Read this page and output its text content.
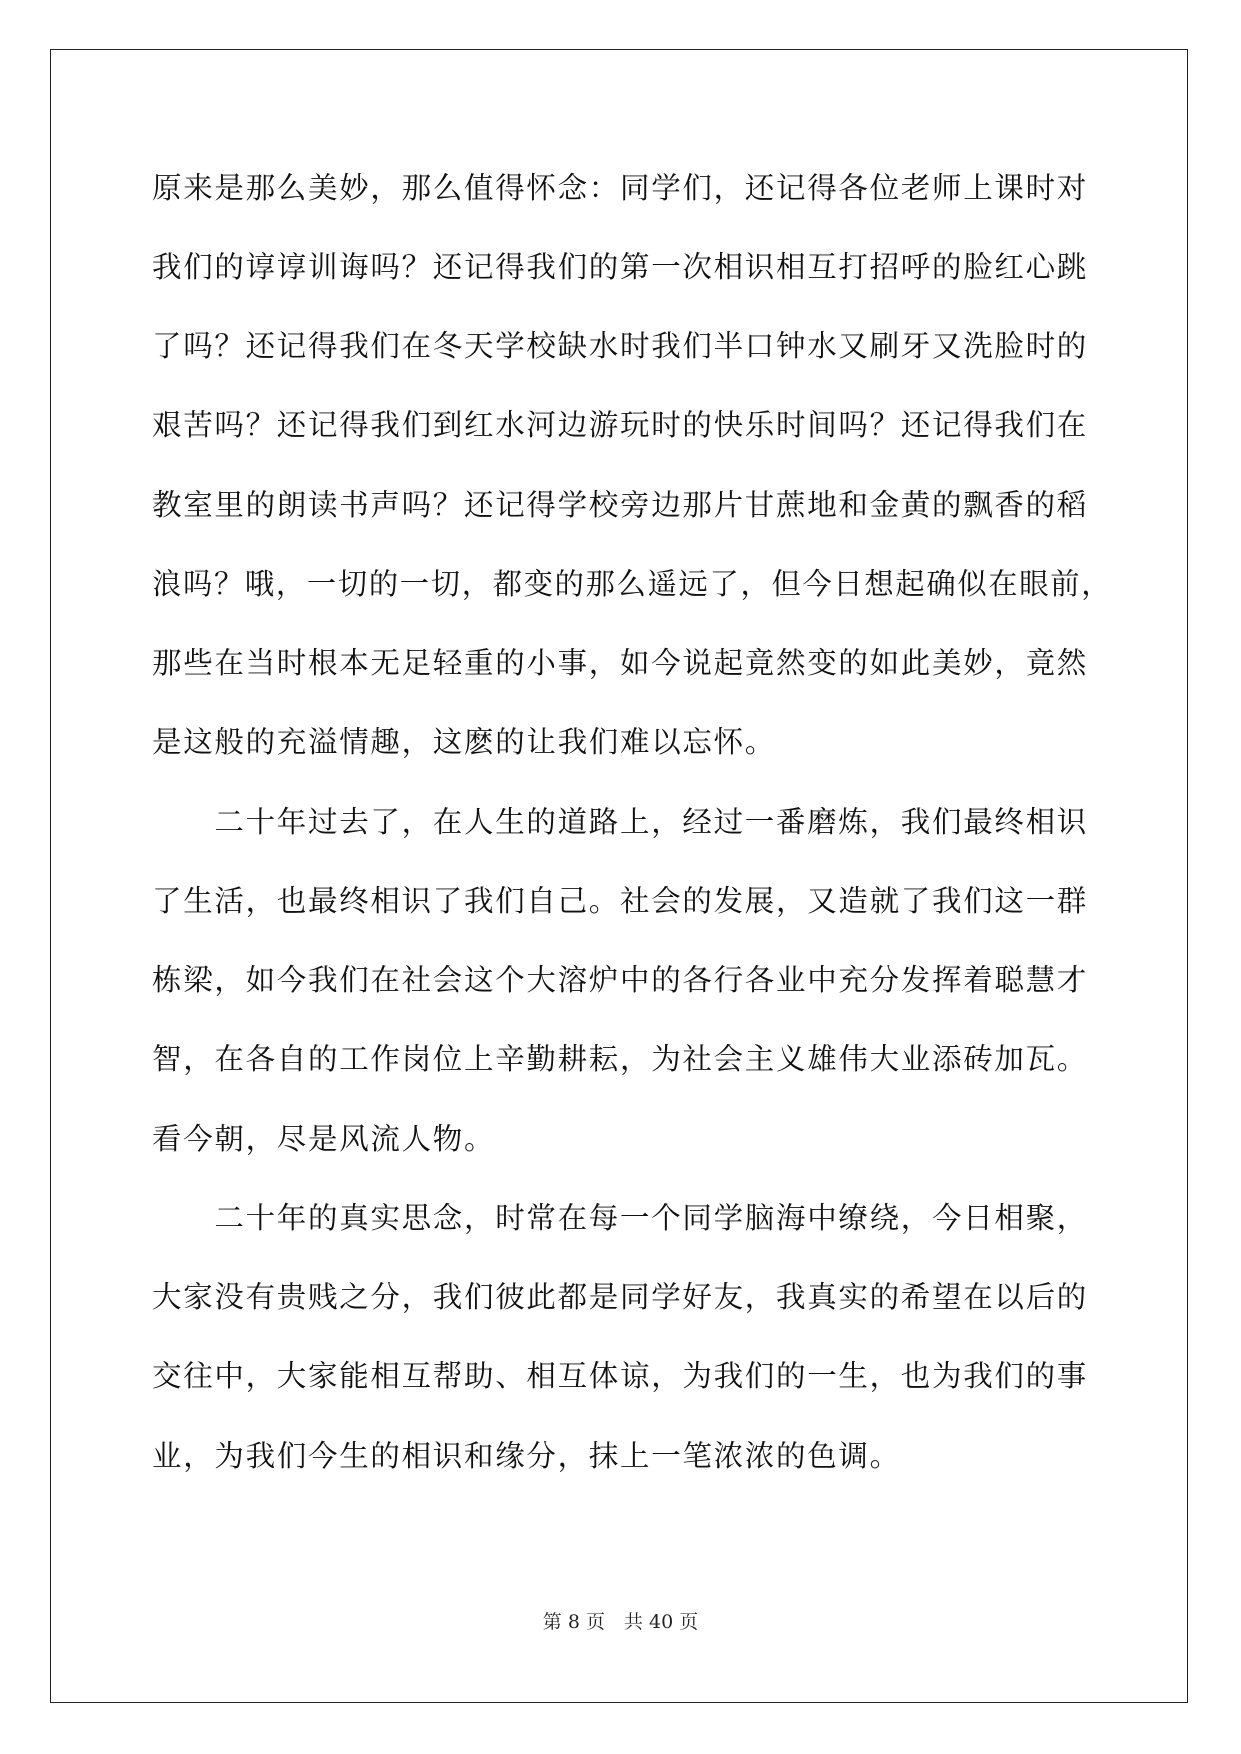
原来是那么美妙，那么值得怀念：同学们，还记得各位老师上课时对
我们的谆谆训诲吗？还记得我们的第一次相识相互打招呼的脸红心跳
了吗？还记得我们在冬天学校缺水时我们半口钟水又刷牙又洗脸时的
艰苦吗？还记得我们到红水河边游玩时的快乐时间吗？还记得我们在
教室里的朗读书声吗？还记得学校旁边那片甘蔗地和金黄的飘香的稻
浪吗？哦，一切的一切，都变的那么遥远了，但今日想起确似在眼前，
那些在当时根本无足轻重的小事，如今说起竟然变的如此美妙，竟然
是这般的充溢情趣，这麽的让我们难以忘怀。
　　二十年过去了，在人生的道路上，经过一番磨炼，我们最终相识
了生活，也最终相识了我们自己。社会的发展，又造就了我们这一群
栋梁，如今我们在社会这个大溶炉中的各行各业中充分发挥着聪慧才
智，在各自的工作岗位上辛勤耕耘，为社会主义雄伟大业添砖加瓦。
看今朝，尽是风流人物。
　　二十年的真实思念，时常在每一个同学脑海中缭绕，今日相聚，
大家没有贵贱之分，我们彼此都是同学好友，我真实的希望在以后的
交往中，大家能相互帮助、相互体谅，为我们的一生，也为我们的事
业，为我们今生的相识和缘分，抹上一笔浓浓的色调。
第 8 页　共 40 页
